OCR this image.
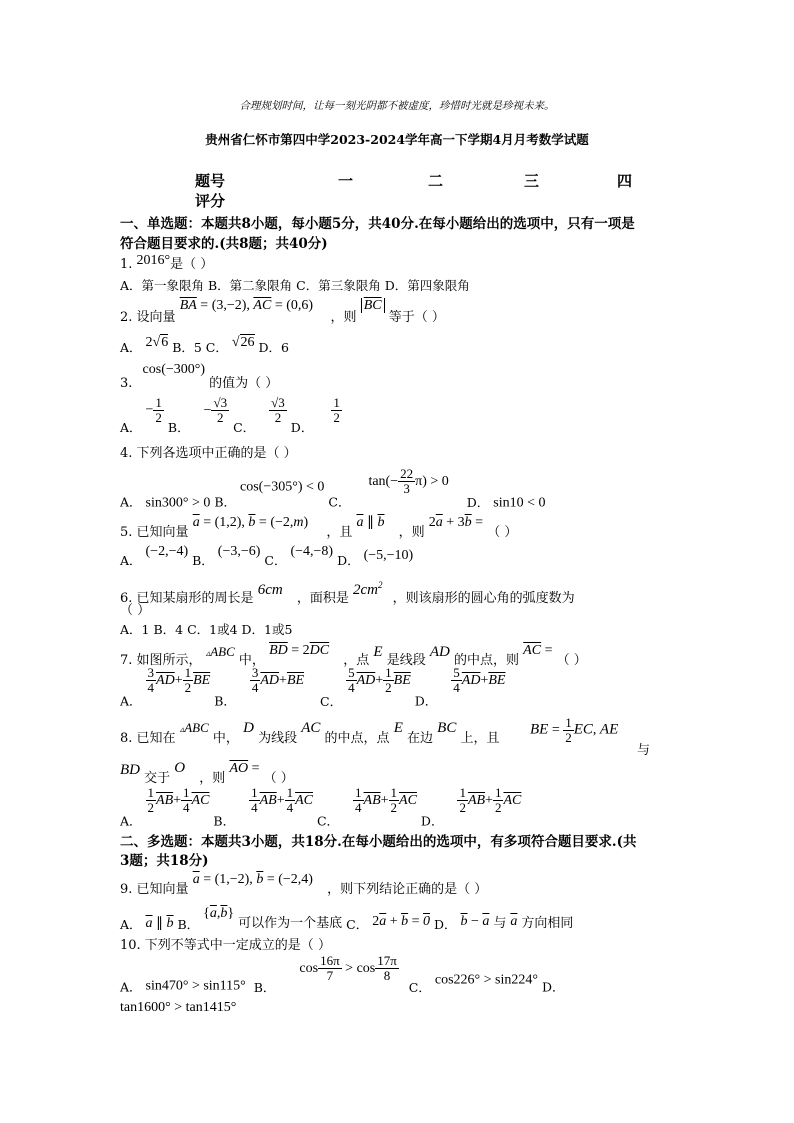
合理规划时间，让每一刻光阴都不被虚度，珍惜时光就是珍视未来。
贵州省仁怀市第四中学2023-2024学年高一下学期4月月考数学试题
题号	一	二	三	四
评分
一、单选题：本题共8小题，每小题5分，共40分.在每小题给出的选项中，只有一项是
符合题目要求的.(共8题；共40分)
1. 2016°是（ ）
A．第一象限角 B．第二象限角 C．第三象限角 D．第四象限角
2. 设向量 $\overline{BA} = (3,-2)$, $\overline{AC} = (0,6)$ ，则 $\overline{BC}$ 等于（ ）
A． 2√6 B．5 C． √26 D．6
3. cos(−300°) 的值为（ ）
A． − $\frac{1}{2}$
B． − $\frac{√3}{2}$
C．
$\frac{√3}{2}$
D．
$\frac{1}{2}$
4. 下列各选项中正确的是（ ）
A． sin300° > 0 B． cos(−305°) < 0 C． $\tan(- \frac{22}{3} \pi) > 0$ D． sin10 < 0
5. 已知向量 $\overline{a} = (1,2)$, $\overline{b} = (-2,m)$ ，且 $\overline{a}$ ∥ $\overline{b}$ ，则 $2\overline{a} + 3\overline{b}$ = （ ）
A． (−2,−4) B． (−3,−6) C． (−4,−8) D． (−5,−10)
6. 已知某扇形的周长是 6cm ，面积是 $2cm^2$ ，则该扇形的圆心角的弧度数为
（ ）
A．1 B．4 C．1或4 D．1或5
7. 如图所示， ▵ABC 中， $\overline{BD} = 2\overline{DC}$ ，点 E 是线段 AD 的中点，则 $\overline{AC}$ = （ ）
A．
$\frac{3}{4} \overline{AD}+ \frac{1}{2} \overline{BE}$ B．
$\frac{3}{4} \overline{AD}+\overline{BE}$ C．
$\frac{5}{4} \overline{AD}+ \frac{1}{2} \overline{BE}$ D．
$\frac{5}{4} \overline{AD}+\overline{BE}$
8. 已知在 ▵ABC 中， D 为线段 AC 的中点，点 E 在边 BC 上，且
BE = $\frac{1}{2}$ EC, AE
与
BD 交于 O ，则 $\overline{AO}$ = （ ）
A．
$\frac{1}{2} \overline{AB}+ \frac{1}{4} \overline{AC}$ B．
$\frac{1}{4} \overline{AB}+ \frac{1}{4} \overline{AC}$ C．
$\frac{1}{4} \overline{AB}+ \frac{1}{2} \overline{AC}$ D．
$\frac{1}{2} \overline{AB}+ \frac{1}{2} \overline{AC}$
二、多选题：本题共3小题，共18分.在每小题给出的选项中，有多项符合题目要求.(共
3题；共18分)
9. 已知向量 $\overline{a} = (1,-2)$, $\overline{b} = (-2,4)$ ，则下列结论正确的是（ ）
A． $\overline{a}$ ∥ $\overline{b}$ B． $\{\overline{a},\overline{b}\}$ 可以作为一个基底 C． $2\overline{a} + \overline{b} = 0$ D． $\overline{b} - \overline{a}$ 与 $\overline{a}$ 方向相同
10. 下列不等式中一定成立的是（ ）
A． sin470° > sin115° B． $\cos \frac{16\pi}{7} > \cos \frac{17\pi}{8}$
C． cos226° > sin224° D．
tan1600° > tan1415°
